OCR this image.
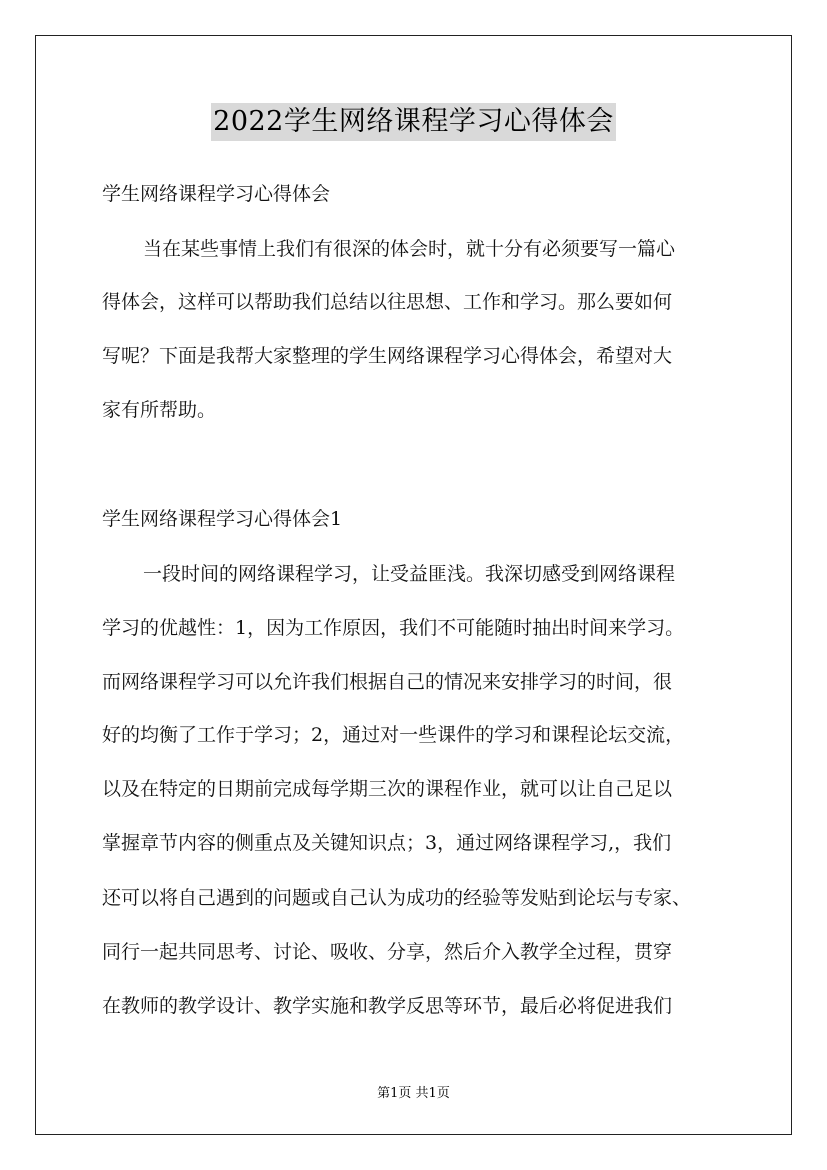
2022学生网络课程学习心得体会
学生网络课程学习心得体会
当在某些事情上我们有很深的体会时，就十分有必须要写一篇心
得体会，这样可以帮助我们总结以往思想、工作和学习。那么要如何
写呢？下面是我帮大家整理的学生网络课程学习心得体会，希望对大
家有所帮助。
学生网络课程学习心得体会1
一段时间的网络课程学习，让受益匪浅。我深切感受到网络课程
学习的优越性：1，因为工作原因，我们不可能随时抽出时间来学习。
而网络课程学习可以允许我们根据自己的情况来安排学习的时间，很
好的均衡了工作于学习；2，通过对一些课件的学习和课程论坛交流，
以及在特定的日期前完成每学期三次的课程作业，就可以让自己足以
掌握章节内容的侧重点及关键知识点；3，通过网络课程学习,，我们
还可以将自己遇到的问题或自己认为成功的经验等发贴到论坛与专家、
同行一起共同思考、讨论、吸收、分享，然后介入教学全过程，贯穿
在教师的教学设计、教学实施和教学反思等环节，最后必将促进我们
第1页 共1页
